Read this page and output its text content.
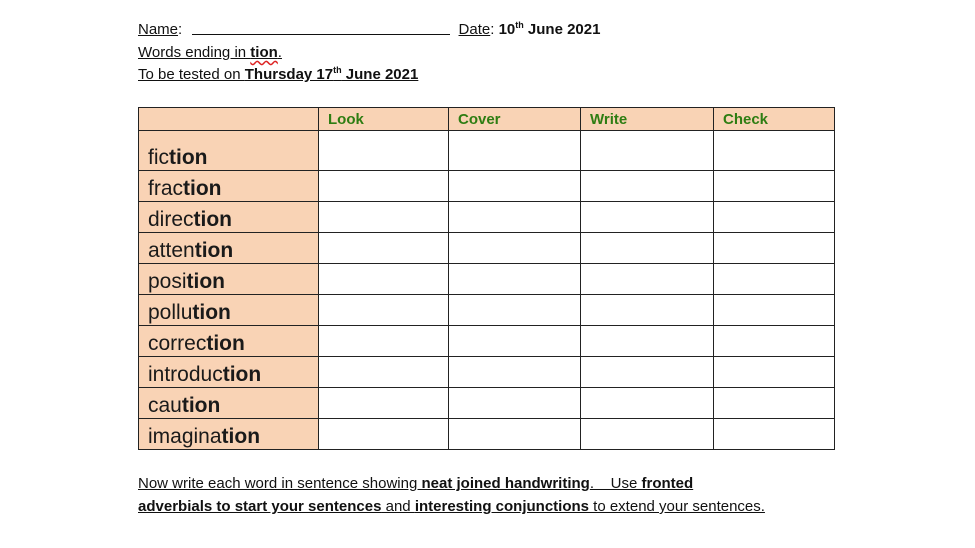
Name:	Date: 10th June 2021
Words ending in tion.
To be tested on Thursday 17th June 2021
	Look	Cover	Write	Check
fiction				
fraction				
direction				
attention				
position				
pollution				
correction				
introduction				
caution				
imagination				
Now write each word in sentence showing neat joined handwriting.    Use fronted
adverbials to start your sentences and interesting conjunctions to extend your sentences.
